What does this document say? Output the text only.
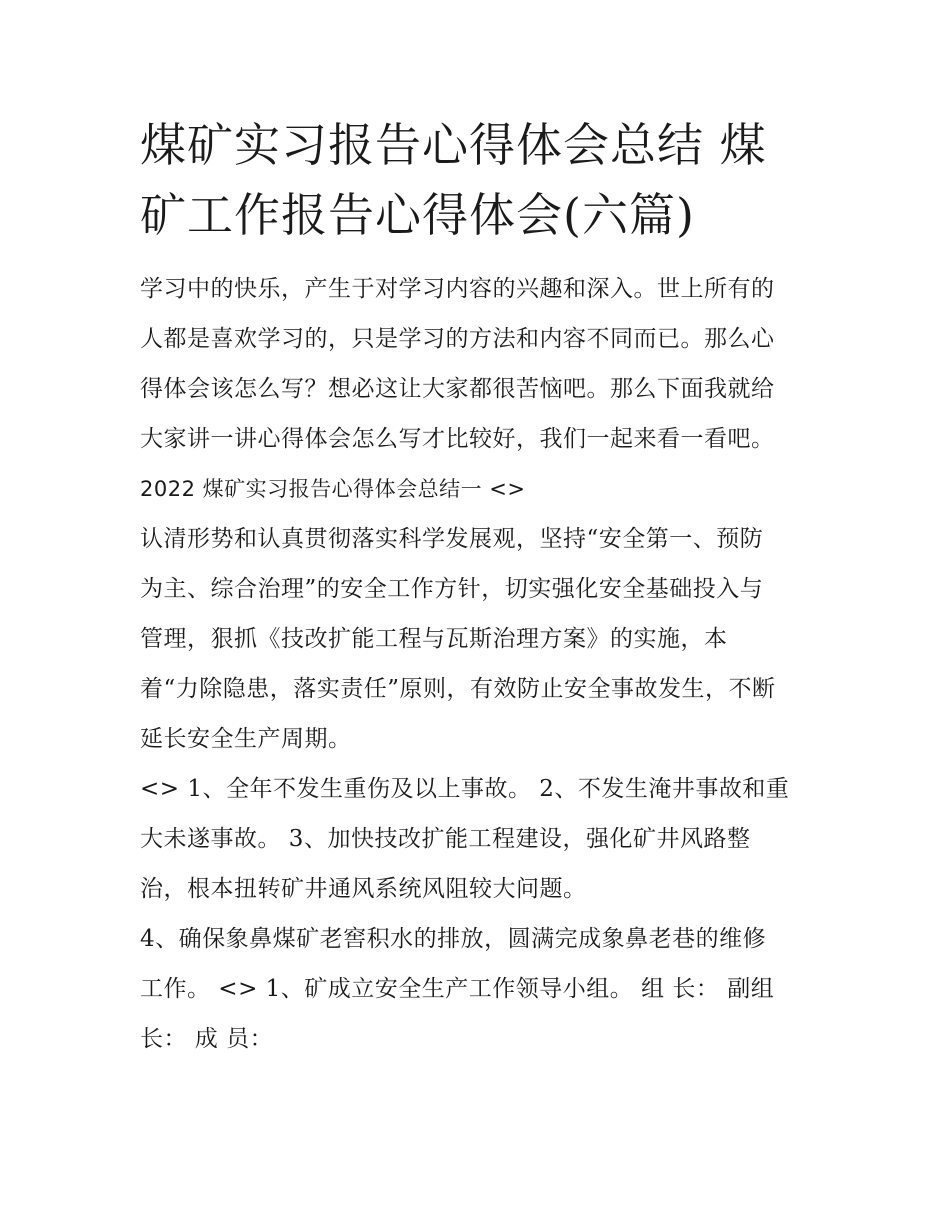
煤矿实习报告心得体会总结 煤
矿工作报告心得体会(六篇)
学习中的快乐，产生于对学习内容的兴趣和深入。世上所有的
人都是喜欢学习的，只是学习的方法和内容不同而已。那么心
得体会该怎么写？想必这让大家都很苦恼吧。那么下面我就给
大家讲一讲心得体会怎么写才比较好，我们一起来看一看吧。
2022 煤矿实习报告心得体会总结一 <>
认清形势和认真贯彻落实科学发展观，坚持“安全第一、预防
为主、综合治理”的安全工作方针，切实强化安全基础投入与
管理，狠抓《技改扩能工程与瓦斯治理方案》的实施，本
着“力除隐患，落实责任”原则，有效防止安全事故发生，不断
延长安全生产周期。
<> 1、全年不发生重伤及以上事故。 2、不发生淹井事故和重
大未遂事故。 3、加快技改扩能工程建设，强化矿井风路整
治，根本扭转矿井通风系统风阻较大问题。
4、确保象鼻煤矿老窖积水的排放，圆满完成象鼻老巷的维修
工作。 <> 1、矿成立安全生产工作领导小组。 组 长： 副组
长： 成 员：
